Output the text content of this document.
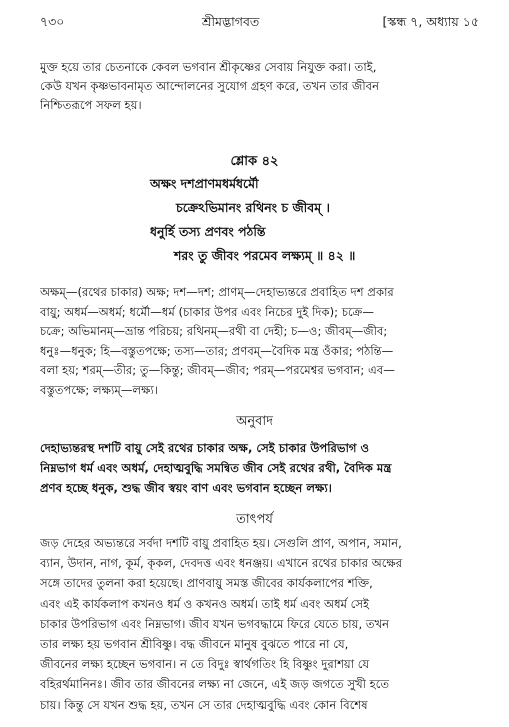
৭৩০	শ্রীমদ্ভাগবত	[স্কন্ধ ৭, অধ্যায় ১৫
মুক্ত হয়ে তার চেতনাকে কেবল ভগবান শ্রীকৃষ্ণের সেবায় নিযুক্ত করা। তাই,
কেউ যখন কৃষ্ণভাবনামৃত আন্দোলনের সুযোগ গ্রহণ করে, তখন তার জীবন
নিশ্চিতরূপে সফল হয়।
শ্লোক ৪২
অক্ষং দশপ্রাণমধর্মধর্মৌ
চক্রেঽভিমানং রথিনং চ জীবম্ ।
ধনুর্হি তস্য প্রণবং পঠন্তি
শরং তু জীবং পরমেব লক্ষ্যম্ ॥ ৪২ ॥
অক্ষম্—(রথের চাকার) অক্ষ; দশ—দশ; প্রাণম্—দেহাভ্যন্তরে প্রবাহিত দশ প্রকার
বায়ু; অধর্ম—অধর্ম; ধর্মৌ—ধর্ম (চাকার উপর এবং নিচের দুই দিক); চক্রে—
চক্রে; অভিমানম্—ভ্রান্ত পরিচয়; রথিনম্—রথী বা দেহী; চ—ও; জীবম্—জীব;
ধনুঃ—ধনুক; হি—বস্তুতপক্ষে; তস্য—তার; প্রণবম্—বৈদিক মন্ত্র ওঁকার; পঠন্তি—
বলা হয়; শরম্—তীর; তু—কিন্তু; জীবম্—জীব; পরম্—পরমেশ্বর ভগবান; এব—
বস্তুতপক্ষে; লক্ষ্যম্—লক্ষ্য।
অনুবাদ
দেহাভ্যন্তরস্থ দশটি বায়ু সেই রথের চাকার অক্ষ, সেই চাকার উপরিভাগ ও
নিম্নভাগ ধর্ম এবং অধর্ম, দেহাত্মবুদ্ধি সমন্বিত জীব সেই রথের রথী, বৈদিক মন্ত্র
প্রণব হচ্ছে ধনুক, শুদ্ধ জীব স্বয়ং বাণ এবং ভগবান হচ্ছেন লক্ষ্য।
তাৎপর্য
জড় দেহের অভ্যন্তরে সর্বদা দশটি বায়ু প্রবাহিত হয়। সেগুলি প্রাণ, অপান, সমান,
ব্যান, উদান, নাগ, কূর্ম, কৃকল, দেবদত্ত এবং ধনঞ্জয়। এখানে রথের চাকার অক্ষের
সঙ্গে তাদের তুলনা করা হয়েছে। প্রাণবায়ু সমস্ত জীবের কার্যকলাপের শক্তি,
এবং এই কার্যকলাপ কখনও ধর্ম ও কখনও অধর্ম। তাই ধর্ম এবং অধর্ম সেই
চাকার উপরিভাগ এবং নিম্নভাগ। জীব যখন ভগবদ্ধামে ফিরে যেতে চায়, তখন
তার লক্ষ্য হয় ভগবান শ্রীবিষ্ণু। বদ্ধ জীবনে মানুষ বুঝতে পারে না যে,
জীবনের লক্ষ্য হচ্ছেন ভগবান। ন তে বিদুঃ স্বার্থগতিং হি বিষ্ণুং দুরাশয়া যে
বহিরর্থমানিনঃ। জীব তার জীবনের লক্ষ্য না জেনে, এই জড় জগতে সুখী হতে
চায়। কিন্তু সে যখন শুদ্ধ হয়, তখন সে তার দেহাত্মবুদ্ধি এবং কোন বিশেষ
